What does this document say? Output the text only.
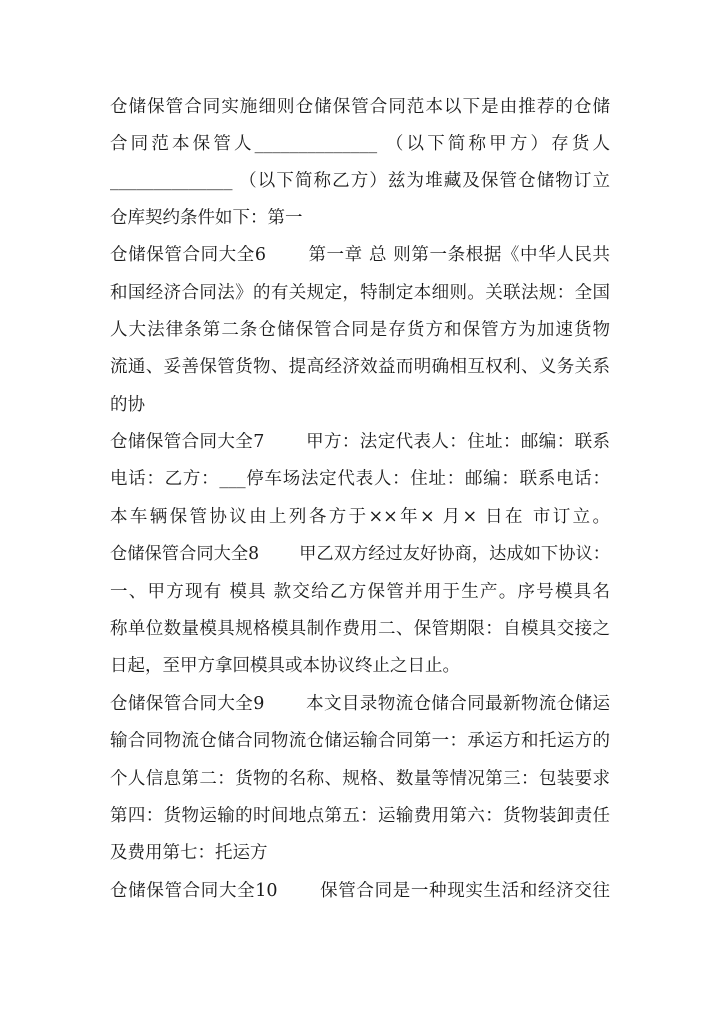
仓储保管合同实施细则仓储保管合同范本以下是由推荐的仓储
合同范本保管人______________ （以下简称甲方）存货人
______________ （以下简称乙方）兹为堆藏及保管仓储物订立
仓库契约条件如下：第一
仓储保管合同大全6 　　第一章 总 则第一条根据《中华人民共
和国经济合同法》的有关规定，特制定本细则。关联法规：全国
人大法律条第二条仓储保管合同是存货方和保管方为加速货物
流通、妥善保管货物、提高经济效益而明确相互权利、义务关系
的协
仓储保管合同大全7 　　甲方：法定代表人：住址：邮编：联系
电话：乙方：___停车场法定代表人：住址：邮编：联系电话：
本车辆保管协议由上列各方于××年× 月× 日在 市订立。
仓储保管合同大全8 　　甲乙双方经过友好协商，达成如下协议：
一、甲方现有 模具 款交给乙方保管并用于生产。序号模具名
称单位数量模具规格模具制作费用二、保管期限：自模具交接之
日起，至甲方拿回模具或本协议终止之日止。
仓储保管合同大全9 　　本文目录物流仓储合同最新物流仓储运
输合同物流仓储合同物流仓储运输合同第一：承运方和托运方的
个人信息第二：货物的名称、规格、数量等情况第三：包装要求
第四：货物运输的时间地点第五：运输费用第六：货物装卸责任
及费用第七：托运方
仓储保管合同大全10 　　保管合同是一种现实生活和经济交往
